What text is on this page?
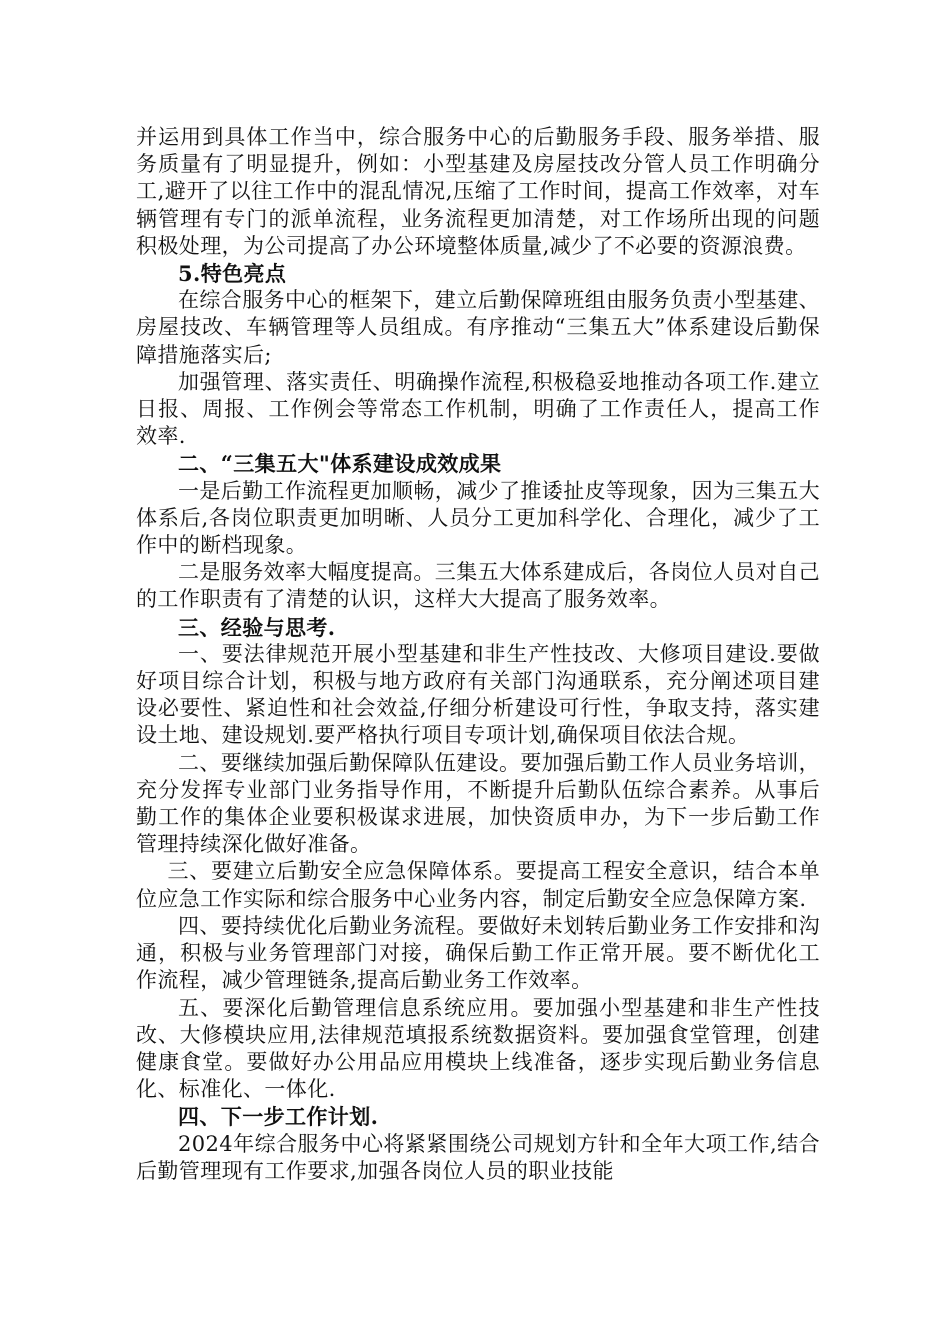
并运用到具体工作当中，综合服务中心的后勤服务手段、服务举措、服务质量有了明显提升，例如：小型基建及房屋技改分管人员工作明确分工,避开了以往工作中的混乱情况,压缩了工作时间，提高工作效率，对车辆管理有专门的派单流程，业务流程更加清楚，对工作场所出现的问题积极处理，为公司提高了办公环境整体质量,减少了不必要的资源浪费。

5.特色亮点

在综合服务中心的框架下，建立后勤保障班组由服务负责小型基建、房屋技改、车辆管理等人员组成。有序推动“三集五大”体系建设后勤保障措施落实后;

加强管理、落实责任、明确操作流程,积极稳妥地推动各项工作.建立日报、周报、工作例会等常态工作机制，明确了工作责任人，提高工作效率.

二、“三集五大"体系建设成效成果

一是后勤工作流程更加顺畅，减少了推诿扯皮等现象，因为三集五大体系后,各岗位职责更加明晰、人员分工更加科学化、合理化，减少了工作中的断档现象。

二是服务效率大幅度提高。三集五大体系建成后，各岗位人员对自己的工作职责有了清楚的认识，这样大大提高了服务效率。

三、经验与思考.

一、要法律规范开展小型基建和非生产性技改、大修项目建设.要做好项目综合计划，积极与地方政府有关部门沟通联系，充分阐述项目建设必要性、紧迫性和社会效益,仔细分析建设可行性，争取支持，落实建设土地、建设规划.要严格执行项目专项计划,确保项目依法合规。

二、要继续加强后勤保障队伍建设。要加强后勤工作人员业务培训，充分发挥专业部门业务指导作用，不断提升后勤队伍综合素养。从事后勤工作的集体企业要积极谋求进展，加快资质申办，为下一步后勤工作管理持续深化做好准备。

三、要建立后勤安全应急保障体系。要提高工程安全意识，结合本单位应急工作实际和综合服务中心业务内容，制定后勤安全应急保障方案.

四、要持续优化后勤业务流程。要做好未划转后勤业务工作安排和沟通，积极与业务管理部门对接，确保后勤工作正常开展。要不断优化工作流程，减少管理链条,提高后勤业务工作效率。

五、要深化后勤管理信息系统应用。要加强小型基建和非生产性技改、大修模块应用,法律规范填报系统数据资料。要加强食堂管理，创建健康食堂。要做好办公用品应用模块上线准备，逐步实现后勤业务信息化、标准化、一体化.

四、下一步工作计划.

2024年综合服务中心将紧紧围绕公司规划方针和全年大项工作,结合后勤管理现有工作要求,加强各岗位人员的职业技能
